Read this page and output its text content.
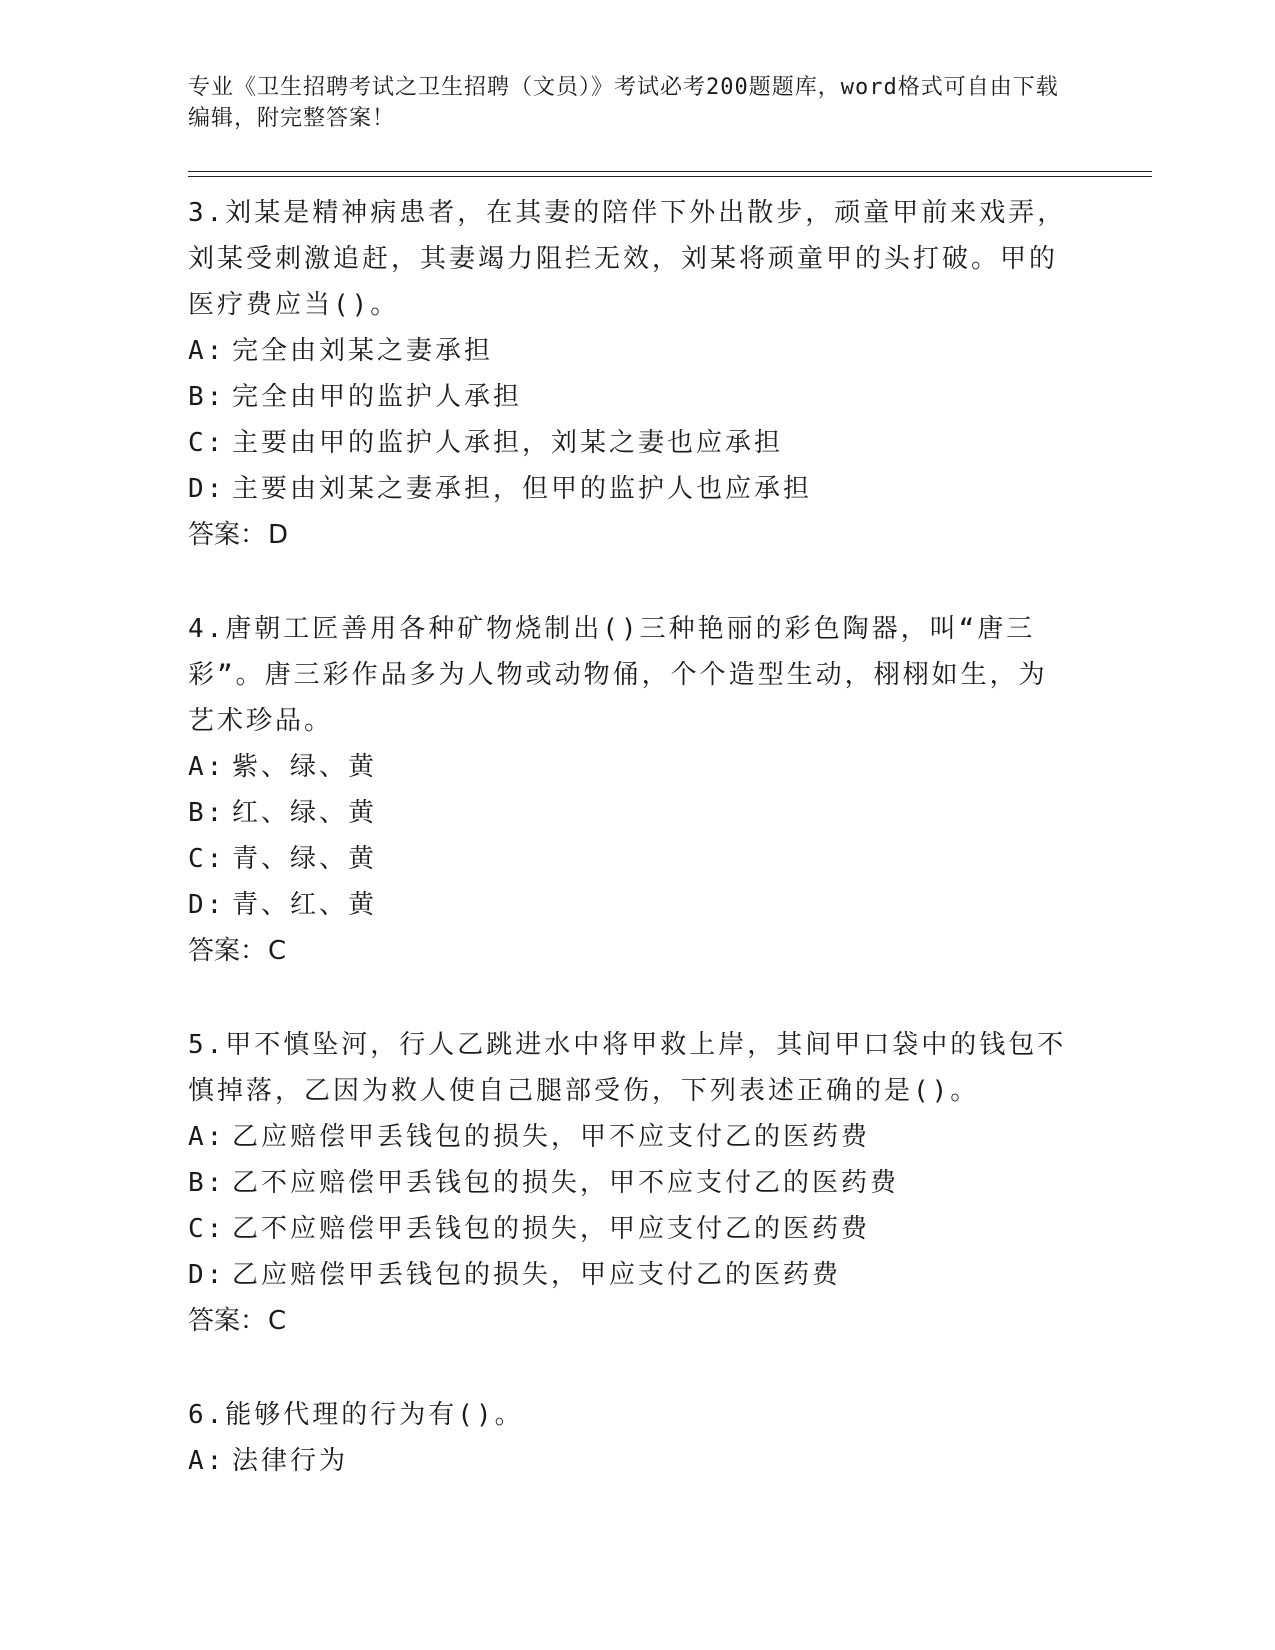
专业《卫生招聘考试之卫生招聘（文员）》考试必考200题题库，word格式可自由下载编辑，附完整答案！

3.刘某是精神病患者，在其妻的陪伴下外出散步，顽童甲前来戏弄，刘某受刺激追赶，其妻竭力阻拦无效，刘某将顽童甲的头打破。甲的医疗费应当()。

A: 完全由刘某之妻承担
B: 完全由甲的监护人承担
C: 主要由甲的监护人承担，刘某之妻也应承担
D: 主要由刘某之妻承担，但甲的监护人也应承担
答案：D

4.唐朝工匠善用各种矿物烧制出()三种艳丽的彩色陶器，叫“唐三彩”。唐三彩作品多为人物或动物俑，个个造型生动，栩栩如生，为艺术珍品。

A: 紫、绿、黄
B: 红、绿、黄
C: 青、绿、黄
D: 青、红、黄
答案：C

5.甲不慎坠河，行人乙跳进水中将甲救上岸，其间甲口袋中的钱包不慎掉落，乙因为救人使自己腿部受伤，下列表述正确的是()。

A: 乙应赔偿甲丢钱包的损失，甲不应支付乙的医药费
B: 乙不应赔偿甲丢钱包的损失，甲不应支付乙的医药费
C: 乙不应赔偿甲丢钱包的损失，甲应支付乙的医药费
D: 乙应赔偿甲丢钱包的损失，甲应支付乙的医药费
答案：C

6.能够代理的行为有()。

A: 法律行为
